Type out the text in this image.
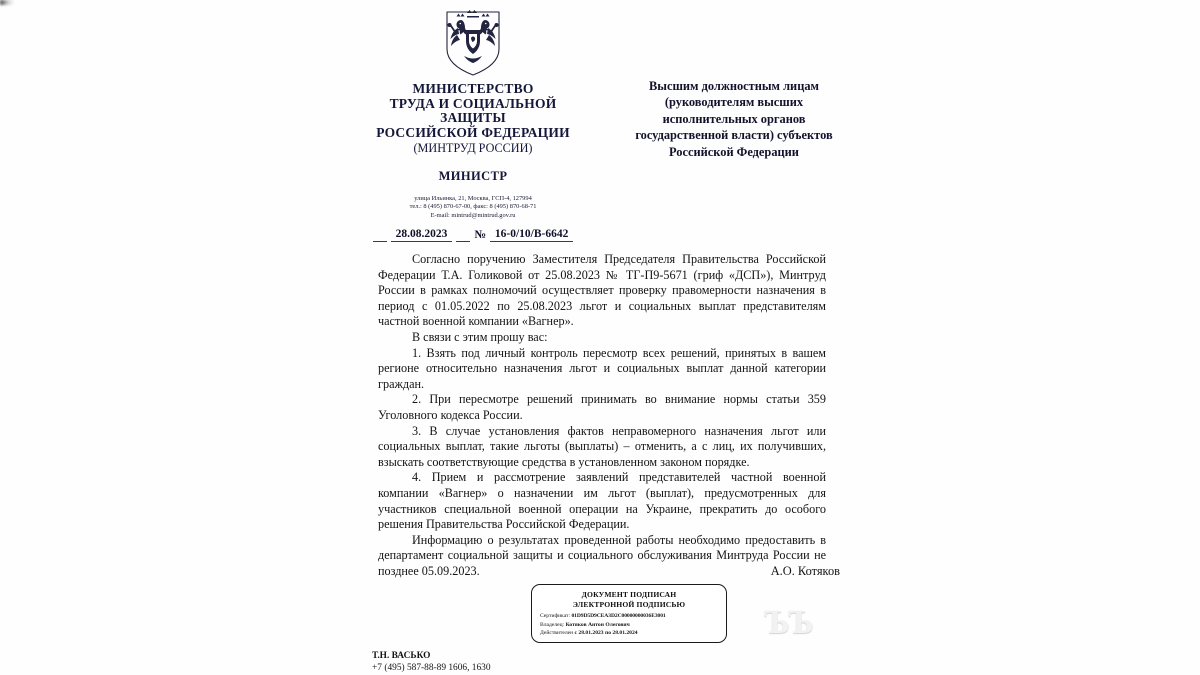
МИНИСТЕРСТВО
ТРУДА И СОЦИАЛЬНОЙ
ЗАЩИТЫ
РОССИЙСКОЙ ФЕДЕРАЦИИ
(МИНТРУД РОССИИ)
МИНИСТР
улица Ильинка, 21, Москва, ГСП-4, 127994
тел.: 8 (495) 870-67-00, факс: 8 (495) 870-68-71
E-mail: mintrud@mintrud.gov.ru
28.08.2023	№ 16-0/10/В-6642
Высшим должностным лицам
(руководителям высших
исполнительных органов
государственной власти) субъектов
Российской Федерации

Согласно поручению Заместителя Председателя Правительства Российской Федерации Т.А. Голиковой от 25.08.2023 № ТГ-П9-5671 (гриф «ДСП»), Минтруд России в рамках полномочий осуществляет проверку правомерности назначения в период с 01.05.2022 по 25.08.2023 льгот и социальных выплат представителям частной военной компании «Вагнер».

В связи с этим прошу вас:

1. Взять под личный контроль пересмотр всех решений, принятых в вашем регионе относительно назначения льгот и социальных выплат данной категории граждан.

2. При пересмотре решений принимать во внимание нормы статьи 359 Уголовного кодекса России.

3. В случае установления фактов неправомерного назначения льгот или социальных выплат, такие льготы (выплаты) – отменить, а с лиц, их получивших, взыскать соответствующие средства в установленном законом порядке.

4. Прием и рассмотрение заявлений представителей частной военной компании «Вагнер» о назначении им льгот (выплат), предусмотренных для участников специальной военной операции на Украине, прекратить до особого решения Правительства Российской Федерации.

Информацию о результатах проведенной работы необходимо предоставить в департамент социальной защиты и социального обслуживания Минтруда России не позднее 05.09.2023.	А.О. Котяков
ДОКУМЕНТ ПОДПИСАН
ЭЛЕКТРОННОЙ ПОДПИСЬЮ
Сертификат: 01D9D5D9CEA3D2C00000000036E3001
Владелец: Котяков Антон Олегович
Действителен с 28.01.2023 по 28.01.2024
Т.Н. ВАСЬКО
+7 (495) 587-88-89 1606, 1630
ЪЪ
